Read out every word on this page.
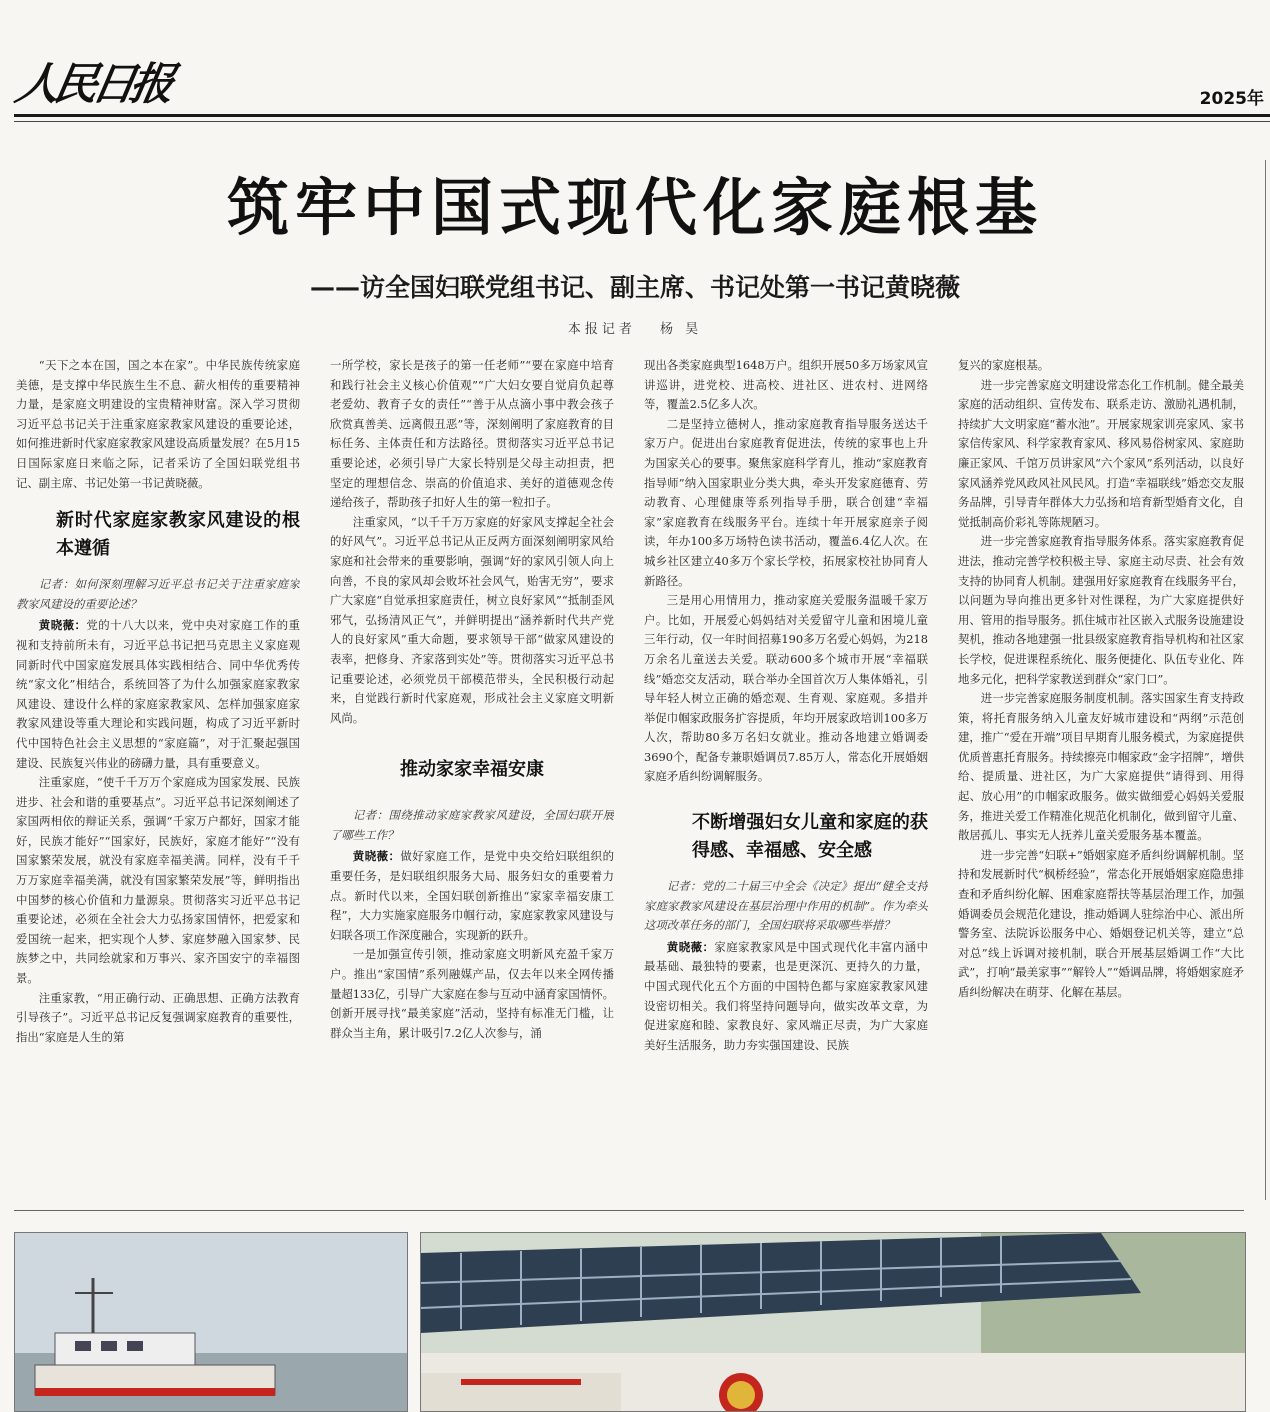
人民日报	2025年
筑牢中国式现代化家庭根基
——访全国妇联党组书记、副主席、书记处第一书记黄晓薇
本报记者 杨 昊

“天下之本在国，国之本在家”。中华民族传统家庭美德，是支撑中华民族生生不息、薪火相传的重要精神力量，是家庭文明建设的宝贵精神财富。深入学习贯彻习近平总书记关于注重家庭家教家风建设的重要论述，如何推进新时代家庭家教家风建设高质量发展？在5月15日国际家庭日来临之际，记者采访了全国妇联党组书记、副主席、书记处第一书记黄晓薇。

新时代家庭家教家风建设的根本遵循

记者：如何深刻理解习近平总书记关于注重家庭家教家风建设的重要论述？

黄晓薇：党的十八大以来，党中央对家庭工作的重视和支持前所未有，习近平总书记把马克思主义家庭观同新时代中国家庭发展具体实践相结合、同中华优秀传统“家文化”相结合，系统回答了为什么加强家庭家教家风建设、建设什么样的家庭家教家风、怎样加强家庭家教家风建设等重大理论和实践问题，构成了习近平新时代中国特色社会主义思想的“家庭篇”，对于汇聚起强国建设、民族复兴伟业的磅礴力量，具有重要意义。

注重家庭，“使千千万万个家庭成为国家发展、民族进步、社会和谐的重要基点”。习近平总书记深刻阐述了家国两相依的辩证关系，强调“千家万户都好，国家才能好，民族才能好”“国家好，民族好，家庭才能好”“没有国家繁荣发展，就没有家庭幸福美满。同样，没有千千万万家庭幸福美满，就没有国家繁荣发展”等，鲜明指出中国梦的核心价值和力量源泉。贯彻落实习近平总书记重要论述，必须在全社会大力弘扬家国情怀，把爱家和爱国统一起来，把实现个人梦、家庭梦融入国家梦、民族梦之中，共同绘就家和万事兴、家齐国安宁的幸福图景。

注重家教，“用正确行动、正确思想、正确方法教育引导孩子”。习近平总书记反复强调家庭教育的重要性，指出“家庭是人生的第

一所学校，家长是孩子的第一任老师”“要在家庭中培育和践行社会主义核心价值观”“广大妇女要自觉肩负起尊老爱幼、教育子女的责任”“善于从点滴小事中教会孩子欣赏真善美、远离假丑恶”等，深刻阐明了家庭教育的目标任务、主体责任和方法路径。贯彻落实习近平总书记重要论述，必须引导广大家长特别是父母主动担责，把坚定的理想信念、崇高的价值追求、美好的道德观念传递给孩子，帮助孩子扣好人生的第一粒扣子。

注重家风，“以千千万万家庭的好家风支撑起全社会的好风气”。习近平总书记从正反两方面深刻阐明家风给家庭和社会带来的重要影响，强调“好的家风引领人向上向善，不良的家风却会败坏社会风气，贻害无穷”，要求广大家庭“自觉承担家庭责任，树立良好家风”“抵制歪风邪气，弘扬清风正气”，并鲜明提出“涵养新时代共产党人的良好家风”重大命题，要求领导干部“做家风建设的表率，把修身、齐家落到实处”等。贯彻落实习近平总书记重要论述，必须党员干部模范带头，全民积极行动起来，自觉践行新时代家庭观，形成社会主义家庭文明新风尚。

推动家家幸福安康

记者：围绕推动家庭家教家风建设，全国妇联开展了哪些工作？

黄晓薇：做好家庭工作，是党中央交给妇联组织的重要任务，是妇联组织服务大局、服务妇女的重要着力点。新时代以来，全国妇联创新推出“家家幸福安康工程”，大力实施家庭服务巾帼行动，家庭家教家风建设与妇联各项工作深度融合，实现新的跃升。

一是加强宣传引领，推动家庭文明新风充盈千家万户。推出“家国情”系列融媒产品，仅去年以来全网传播量超133亿，引导广大家庭在参与互动中涵育家国情怀。创新开展寻找“最美家庭”活动，坚持有标准无门槛，让群众当主角，累计吸引7.2亿人次参与，涌

现出各类家庭典型1648万户。组织开展50多万场家风宣讲巡讲，进党校、进高校、进社区、进农村、进网络等，覆盖2.5亿多人次。

二是坚持立德树人，推动家庭教育指导服务送达千家万户。促进出台家庭教育促进法，传统的家事也上升为国家关心的要事。聚焦家庭科学育儿，推动“家庭教育指导师”纳入国家职业分类大典，牵头开发家庭德育、劳动教育、心理健康等系列指导手册，联合创建“幸福家”家庭教育在线服务平台。连续十年开展家庭亲子阅读，年办100多万场特色读书活动，覆盖6.4亿人次。在城乡社区建立40多万个家长学校，拓展家校社协同育人新路径。

三是用心用情用力，推动家庭关爱服务温暖千家万户。比如，开展爱心妈妈结对关爱留守儿童和困境儿童三年行动，仅一年时间招募190多万名爱心妈妈，为218万余名儿童送去关爱。联动600多个城市开展“幸福联线”婚恋交友活动，联合举办全国首次万人集体婚礼，引导年轻人树立正确的婚恋观、生育观、家庭观。多措并举促巾帼家政服务扩容提质，年均开展家政培训100多万人次，帮助80多万名妇女就业。推动各地建立婚调委3690个，配备专兼职婚调员7.85万人，常态化开展婚姻家庭矛盾纠纷调解服务。

不断增强妇女儿童和家庭的获得感、幸福感、安全感

记者：党的二十届三中全会《决定》提出“健全支持家庭家教家风建设在基层治理中作用的机制”。作为牵头这项改革任务的部门，全国妇联将采取哪些举措？

黄晓薇：家庭家教家风是中国式现代化丰富内涵中最基础、最独特的要素，也是更深沉、更持久的力量，中国式现代化五个方面的中国特色都与家庭家教家风建设密切相关。我们将坚持问题导向，做实改革文章，为促进家庭和睦、家教良好、家风端正尽责，为广大家庭美好生活服务，助力夯实强国建设、民族

复兴的家庭根基。

进一步完善家庭文明建设常态化工作机制。健全最美家庭的活动组织、宣传发布、联系走访、激励礼遇机制，持续扩大文明家庭“蓄水池”。开展家规家训亮家风、家书家信传家风、科学家教育家风、移风易俗树家风、家庭助廉正家风、千馆万员讲家风“六个家风”系列活动，以良好家风涵养党风政风社风民风。打造“幸福联线”婚恋交友服务品牌，引导青年群体大力弘扬和培育新型婚育文化，自觉抵制高价彩礼等陈规陋习。

进一步完善家庭教育指导服务体系。落实家庭教育促进法，推动完善学校积极主导、家庭主动尽责、社会有效支持的协同育人机制。建强用好家庭教育在线服务平台，以问题为导向推出更多针对性课程，为广大家庭提供好用、管用的指导服务。抓住城市社区嵌入式服务设施建设契机，推动各地建强一批县级家庭教育指导机构和社区家长学校，促进课程系统化、服务便捷化、队伍专业化、阵地多元化，把科学家教送到群众“家门口”。

进一步完善家庭服务制度机制。落实国家生育支持政策，将托育服务纳入儿童友好城市建设和“两纲”示范创建，推广“爱在开端”项目早期育儿服务模式，为家庭提供优质普惠托育服务。持续擦亮巾帼家政“金字招牌”，增供给、提质量、进社区，为广大家庭提供“请得到、用得起、放心用”的巾帼家政服务。做实做细爱心妈妈关爱服务，推进关爱工作精准化规范化机制化，做到留守儿童、散居孤儿、事实无人抚养儿童关爱服务基本覆盖。

进一步完善“妇联+”婚姻家庭矛盾纠纷调解机制。坚持和发展新时代“枫桥经验”，常态化开展婚姻家庭隐患排查和矛盾纠纷化解、困难家庭帮扶等基层治理工作，加强婚调委员会规范化建设，推动婚调人驻综治中心、派出所警务室、法院诉讼服务中心、婚姻登记机关等，建立“总对总”线上诉调对接机制，联合开展基层婚调工作“大比武”，打响“最美家事”“解铃人”“婚调品牌，将婚姻家庭矛盾纠纷解决在萌芽、化解在基层。
